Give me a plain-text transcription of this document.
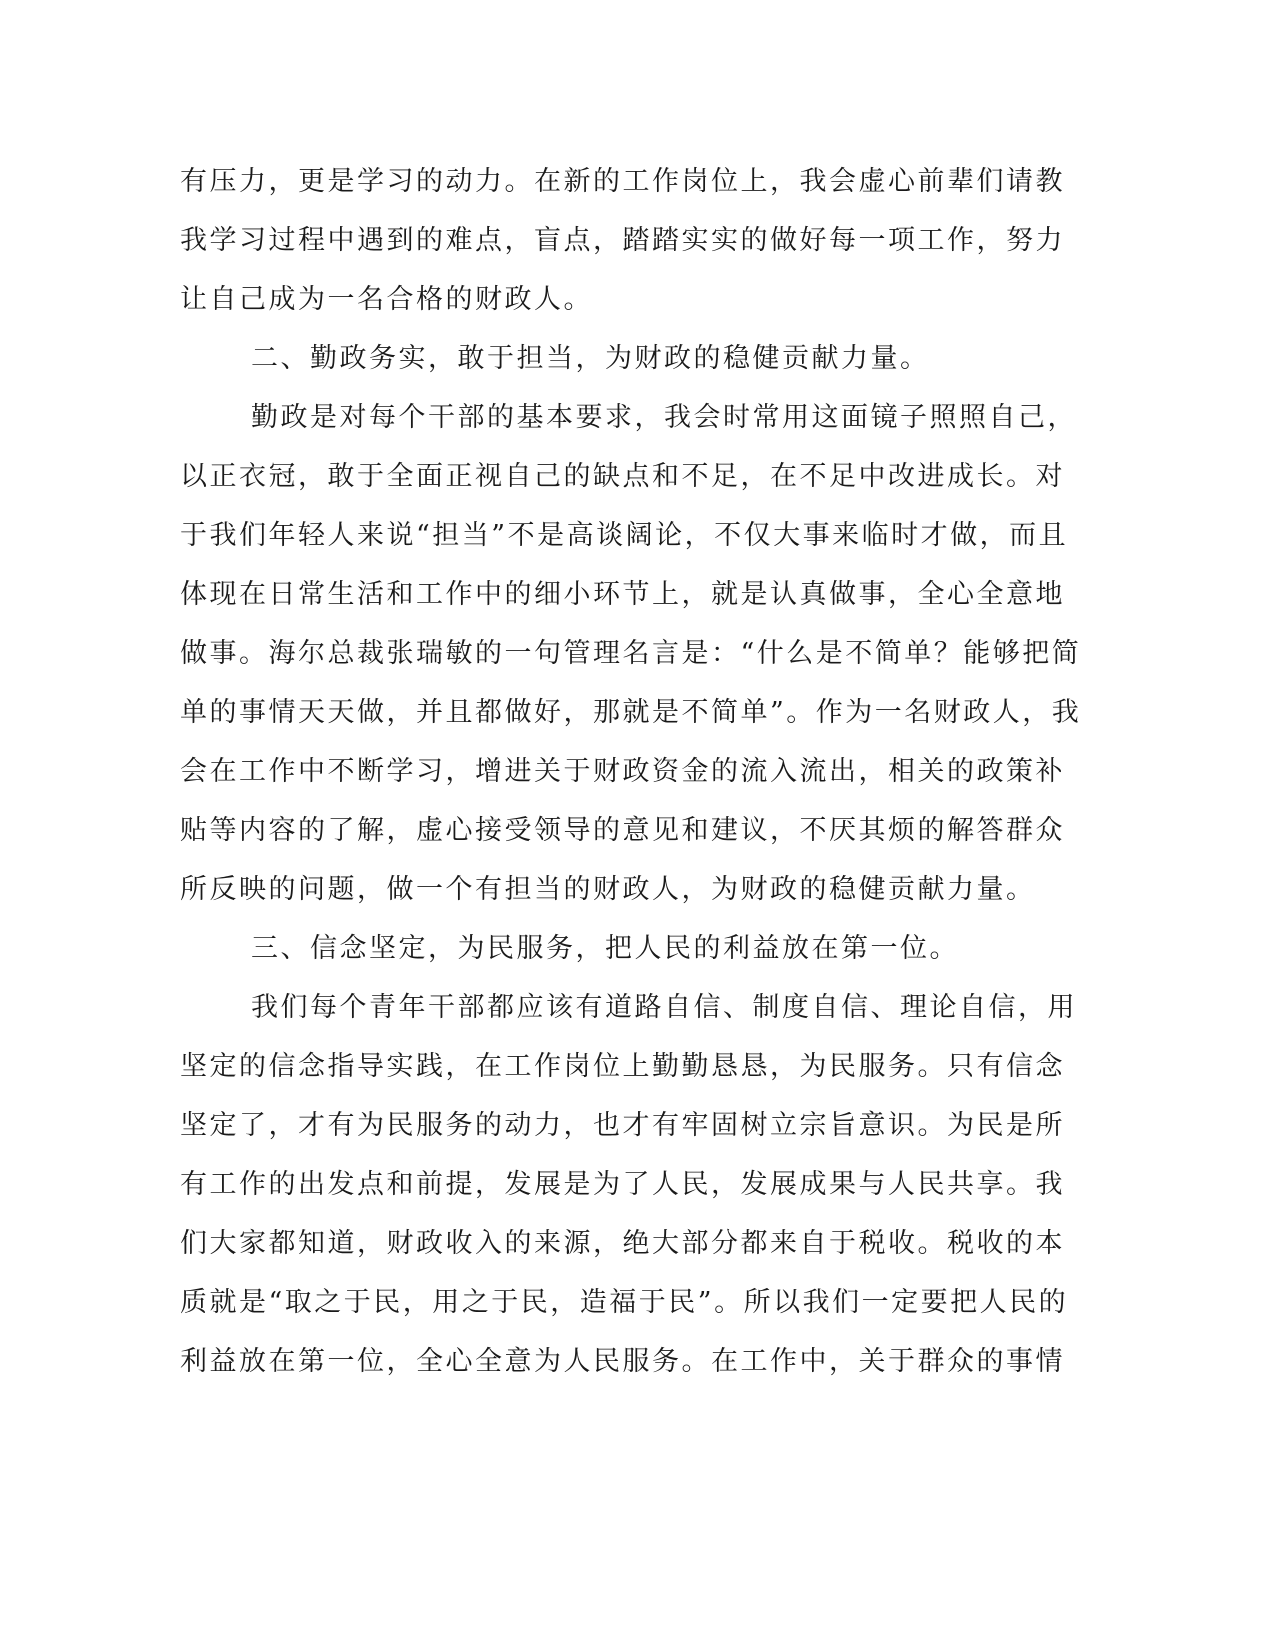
有压力，更是学习的动力。在新的工作岗位上，我会虚心前辈们请教
我学习过程中遇到的难点，盲点，踏踏实实的做好每一项工作，努力
让自己成为一名合格的财政人。
二、勤政务实，敢于担当，为财政的稳健贡献力量。
勤政是对每个干部的基本要求，我会时常用这面镜子照照自己，
以正衣冠，敢于全面正视自己的缺点和不足，在不足中改进成长。对
于我们年轻人来说“担当”不是高谈阔论，不仅大事来临时才做，而且
体现在日常生活和工作中的细小环节上，就是认真做事，全心全意地
做事。海尔总裁张瑞敏的一句管理名言是：“什么是不简单？能够把简
单的事情天天做，并且都做好，那就是不简单”。作为一名财政人，我
会在工作中不断学习，增进关于财政资金的流入流出，相关的政策补
贴等内容的了解，虚心接受领导的意见和建议，不厌其烦的解答群众
所反映的问题，做一个有担当的财政人，为财政的稳健贡献力量。
三、信念坚定，为民服务，把人民的利益放在第一位。
我们每个青年干部都应该有道路自信、制度自信、理论自信，用
坚定的信念指导实践，在工作岗位上勤勤恳恳，为民服务。只有信念
坚定了，才有为民服务的动力，也才有牢固树立宗旨意识。为民是所
有工作的出发点和前提，发展是为了人民，发展成果与人民共享。我
们大家都知道，财政收入的来源，绝大部分都来自于税收。税收的本
质就是“取之于民，用之于民，造福于民”。所以我们一定要把人民的
利益放在第一位，全心全意为人民服务。在工作中，关于群众的事情
